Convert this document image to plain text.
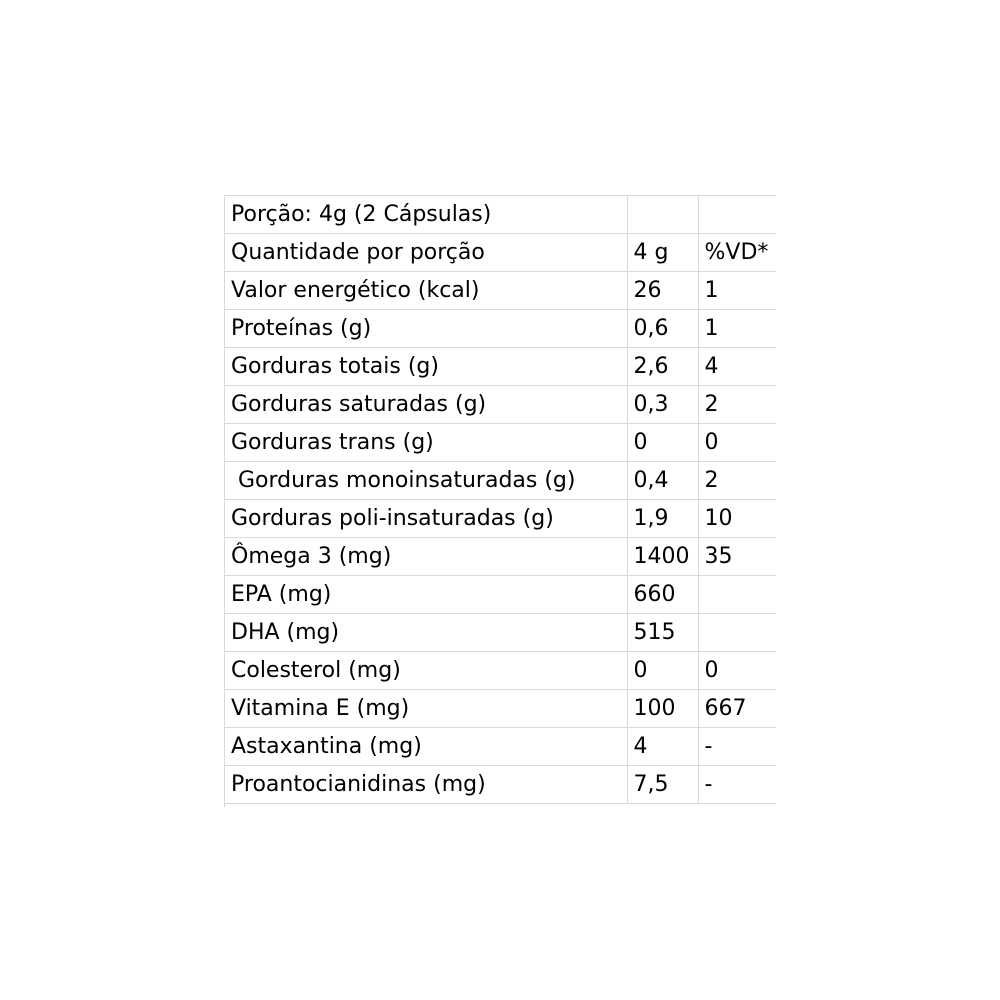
Porção: 4g (2 Cápsulas)		
Quantidade por porção	4 g	%VD*
Valor energético (kcal)	26	1
Proteínas (g)	0,6	1
Gorduras totais (g)	2,6	4
Gorduras saturadas (g)	0,3	2
Gorduras trans (g)	0	0
Gorduras monoinsaturadas (g)	0,4	2
Gorduras poli-insaturadas (g)	1,9	10
Ômega 3 (mg)	1400	35
EPA (mg)	660	
DHA (mg)	515	
Colesterol (mg)	0	0
Vitamina E (mg)	100	667
Astaxantina (mg)	4	-
Proantocianidinas (mg)	7,5	-
